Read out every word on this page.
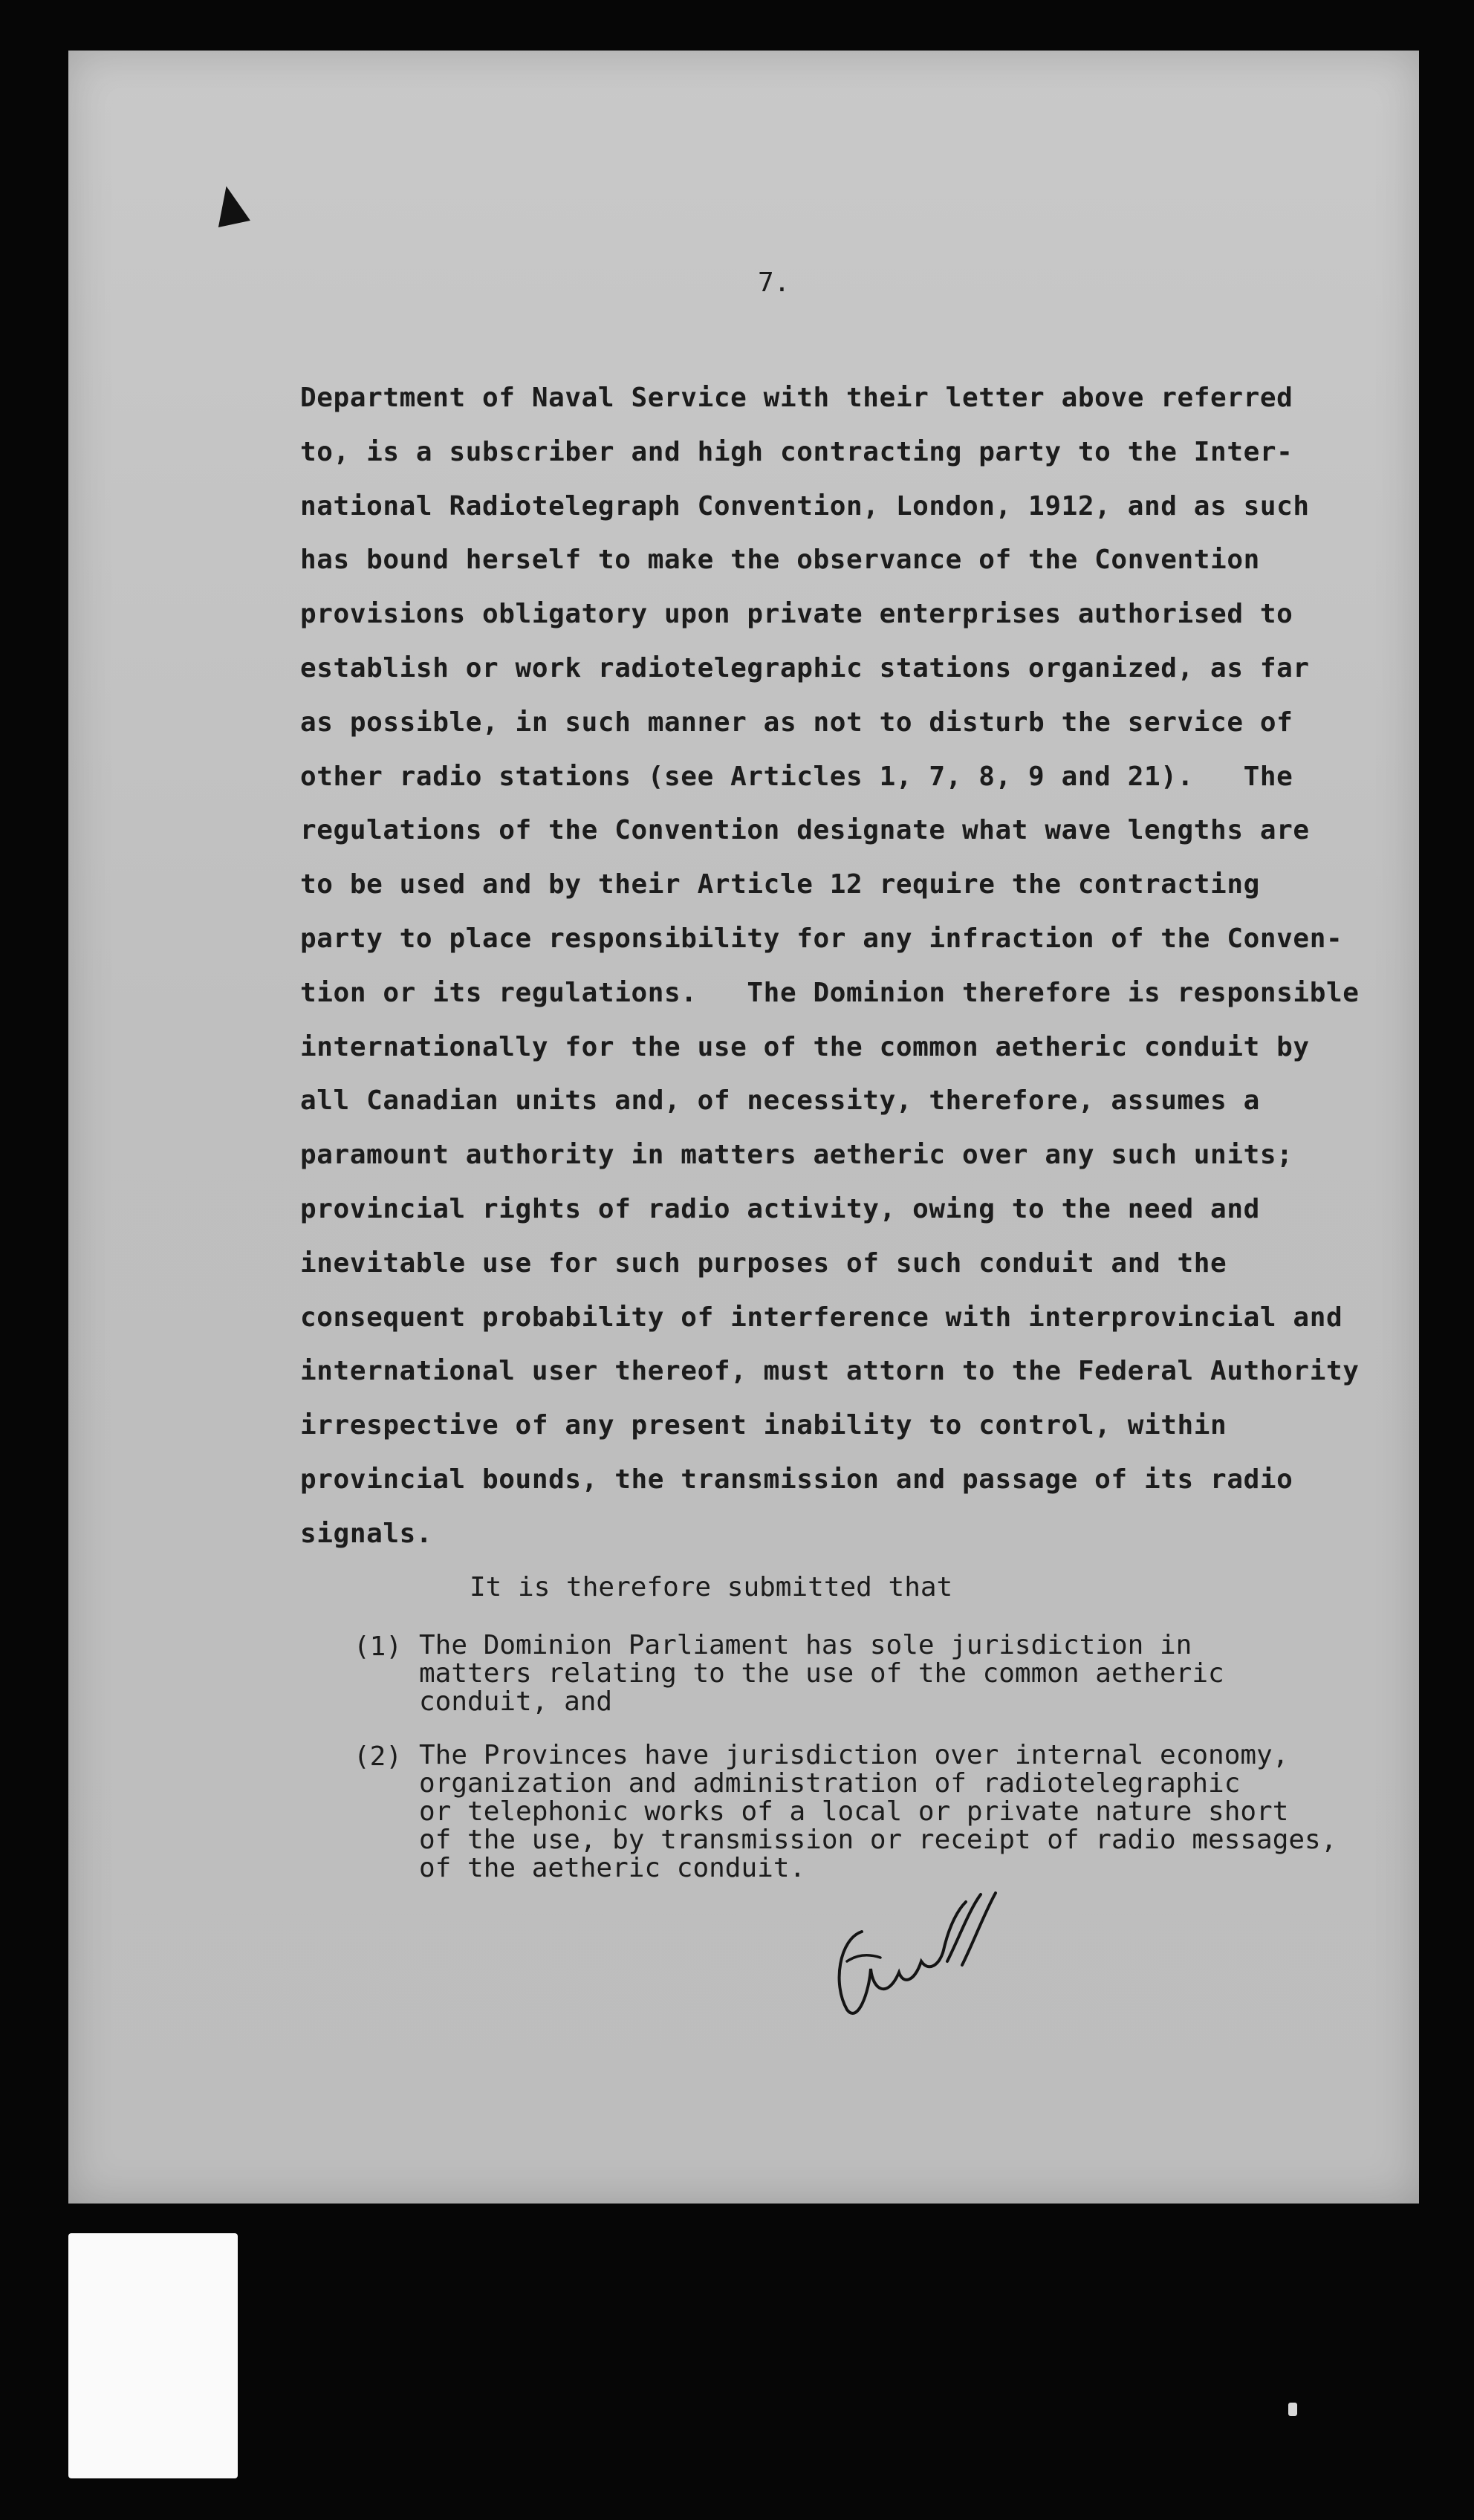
7.
Department of Naval Service with their letter above referred
to, is a subscriber and high contracting party to the Inter-
national Radiotelegraph Convention, London, 1912, and as such
has bound herself to make the observance of the Convention
provisions obligatory upon private enterprises authorised to
establish or work radiotelegraphic stations organized, as far
as possible, in such manner as not to disturb the service of
other radio stations (see Articles 1, 7, 8, 9 and 21).   The
regulations of the Convention designate what wave lengths are
to be used and by their Article 12 require the contracting
party to place responsibility for any infraction of the Conven-
tion or its regulations.   The Dominion therefore is responsible
internationally for the use of the common aetheric conduit by
all Canadian units and, of necessity, therefore, assumes a
paramount authority in matters aetheric over any such units;
provincial rights of radio activity, owing to the need and
inevitable use for such purposes of such conduit and the
consequent probability of interference with interprovincial and
international user thereof, must attorn to the Federal Authority
irrespective of any present inability to control, within
provincial bounds, the transmission and passage of its radio
signals.
It is therefore submitted that
(1) The Dominion Parliament has sole jurisdiction in
matters relating to the use of the common aetheric
conduit, and
(2) The Provinces have jurisdiction over internal economy,
organization and administration of radiotelegraphic
or telephonic works of a local or private nature short
of the use, by transmission or receipt of radio messages,
of the aetheric conduit.
